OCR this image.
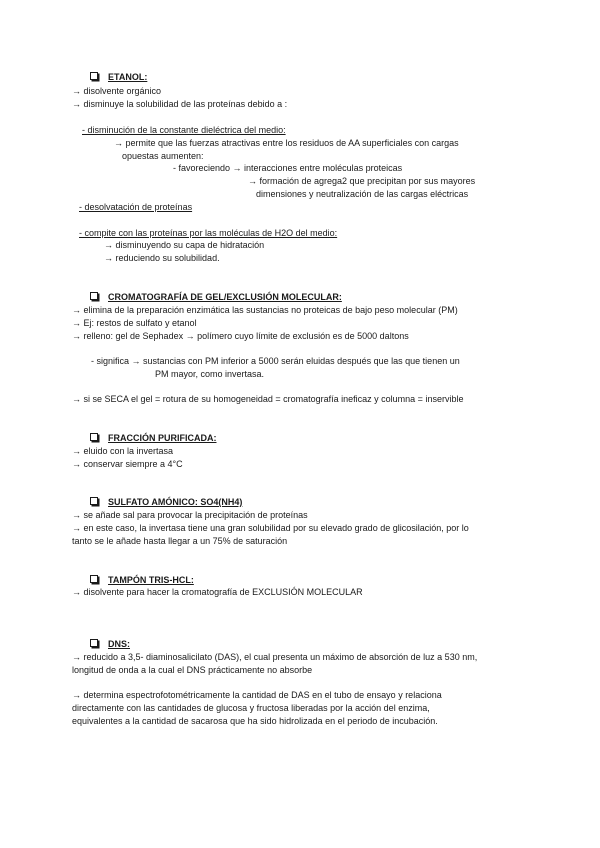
ETANOL:
→ disolvente orgánico
→ disminuye la solubilidad de las proteínas debido a :
- disminución de la constante dieléctrica del medio:
→ permite que las fuerzas atractivas entre los residuos de AA superficiales con cargas
opuestas aumenten:
- favoreciendo → interacciones entre moléculas proteicas
→ formación de agrega2 que precipitan por sus mayores
dimensiones y neutralización de las cargas eléctricas
- desolvatación de proteínas
- compite con las proteínas por las moléculas de H2O del medio:
→ disminuyendo su capa de hidratación
→ reduciendo su solubilidad.
CROMATOGRAFÍA DE GEL/EXCLUSIÓN MOLECULAR:
→ elimina de la preparación enzimática las sustancias no proteicas de bajo peso molecular (PM)
→ Ej: restos de sulfato y etanol
→ relleno: gel de Sephadex → polímero cuyo límite de exclusión es de 5000 daltons
- significa → sustancias con PM inferior a 5000 serán eluidas después que las que tienen un
PM mayor, como invertasa.
→ si se SECA el gel = rotura de su homogeneidad = cromatografía ineficaz y columna = inservible
FRACCIÓN PURIFICADA:
→ eluido con la invertasa
→ conservar siempre a 4°C
SULFATO AMÓNICO: SO4(NH4)
→ se añade sal para provocar la precipitación de proteínas
→ en este caso, la invertasa tiene una gran solubilidad por su elevado grado de glicosilación, por lo
tanto se le añade hasta llegar a un 75% de saturación
TAMPÓN TRIS-HCL:
→ disolvente para hacer la cromatografía de EXCLUSIÓN MOLECULAR
DNS:
→ reducido a 3,5- diaminosalicilato (DAS), el cual presenta un máximo de absorción de luz a 530 nm,
longitud de onda a la cual el DNS prácticamente no absorbe
→ determina espectrofotométricamente la cantidad de DAS en el tubo de ensayo y relaciona
directamente con las cantidades de glucosa y fructosa liberadas por la acción del enzima,
equivalentes a la cantidad de sacarosa que ha sido hidrolizada en el periodo de incubación.
